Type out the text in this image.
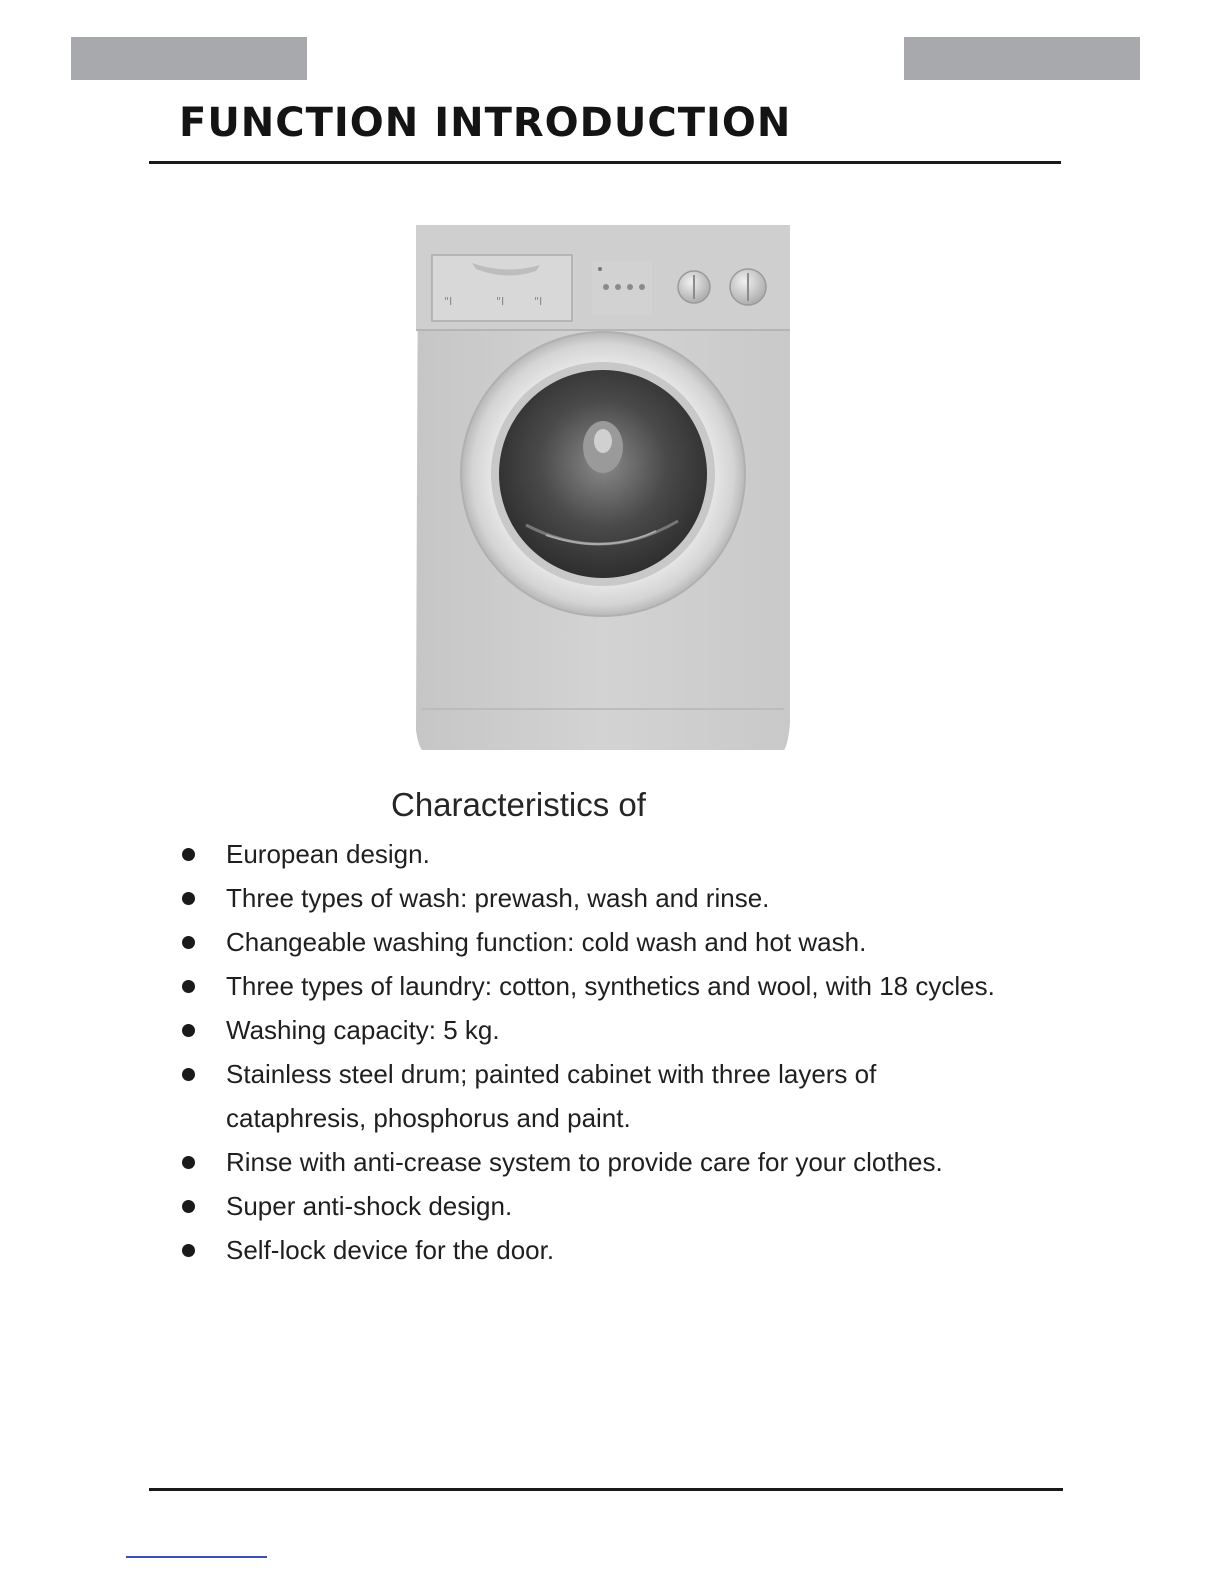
FUNCTION INTRODUCTION
"I	"I	"I
Characteristics of
European design.
Three types of wash: prewash, wash and rinse.
Changeable washing function: cold wash and hot wash.
Three types of laundry: cotton, synthetics and wool, with 18 cycles.
Washing capacity: 5 kg.
Stainless steel drum; painted cabinet with three layers of cataphresis, phosphorus and paint.
Rinse with anti-crease system to provide care for your clothes.
Super anti-shock design.
Self-lock device for the door.
